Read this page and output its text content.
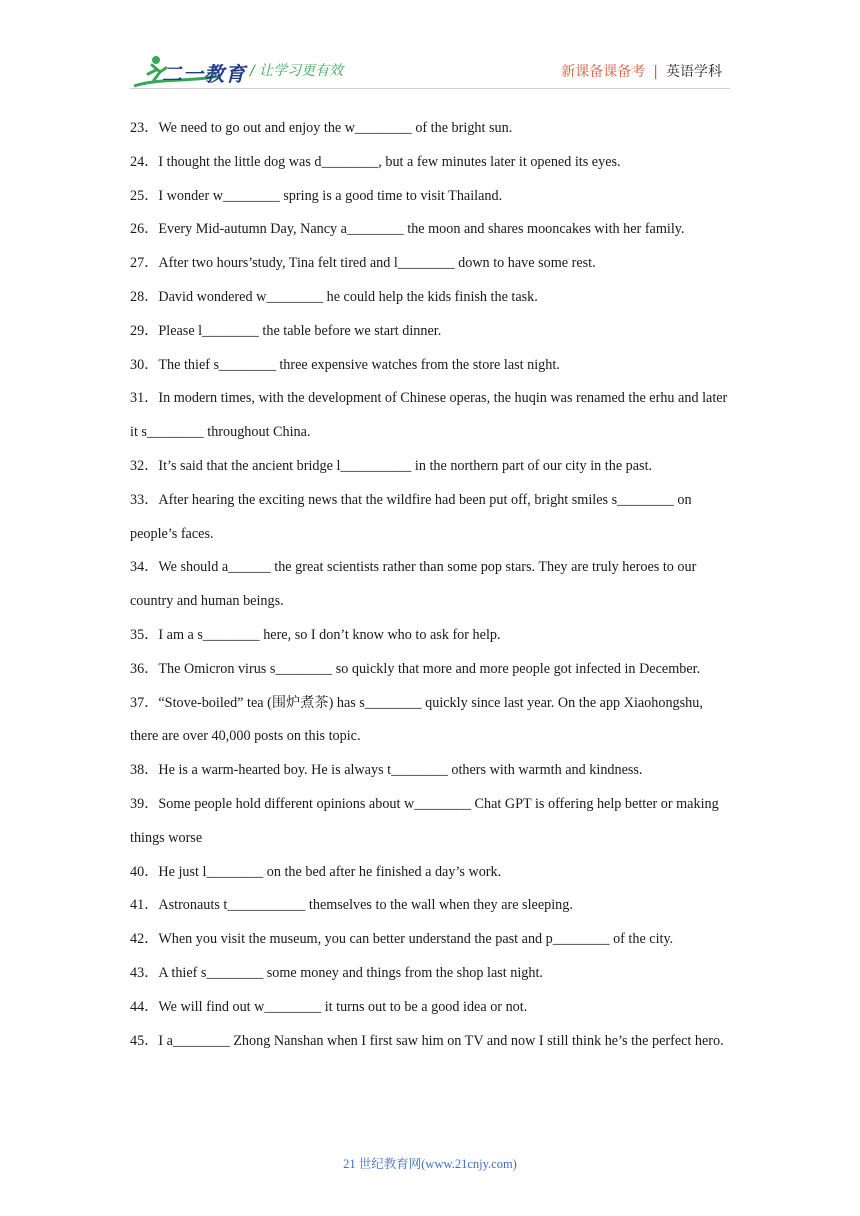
二一教育 / 让学习更有效	新课备课备考 | 英语学科

23．We need to go out and enjoy the w________ of the bright sun.

24．I thought the little dog was d________, but a few minutes later it opened its eyes.

25．I wonder w________ spring is a good time to visit Thailand.

26．Every Mid-autumn Day, Nancy a________ the moon and shares mooncakes with her family.

27．After two hours’study, Tina felt tired and l________ down to have some rest.

28．David wondered w________ he could help the kids finish the task.

29．Please l________ the table before we start dinner.

30．The thief s________ three expensive watches from the store last night.

31．In modern times, with the development of Chinese operas, the huqin was renamed the erhu and later it s________ throughout China.

32．It’s said that the ancient bridge l__________ in the northern part of our city in the past.

33．After hearing the exciting news that the wildfire had been put off, bright smiles s________ on people’s faces.

34．We should a______ the great scientists rather than some pop stars. They are truly heroes to our country and human beings.

35．I am a s________ here, so I don’t know who to ask for help.

36．The Omicron virus s________ so quickly that more and more people got infected in December.

37．“Stove-boiled” tea (围炉煮茶) has s________ quickly since last year. On the app Xiaohongshu, there are over 40,000 posts on this topic.

38．He is a warm-hearted boy. He is always t________ others with warmth and kindness.

39．Some people hold different opinions about w________ Chat GPT is offering help better or making things worse

40．He just l________ on the bed after he finished a day’s work.

41．Astronauts t___________ themselves to the wall when they are sleeping.

42．When you visit the museum, you can better understand the past and p________ of the city.

43．A thief s________ some money and things from the shop last night.

44．We will find out w________ it turns out to be a good idea or not.

45．I a________ Zhong Nanshan when I first saw him on TV and now I still think he’s the perfect hero.

21 世纪教育网(www.21cnjy.com)
